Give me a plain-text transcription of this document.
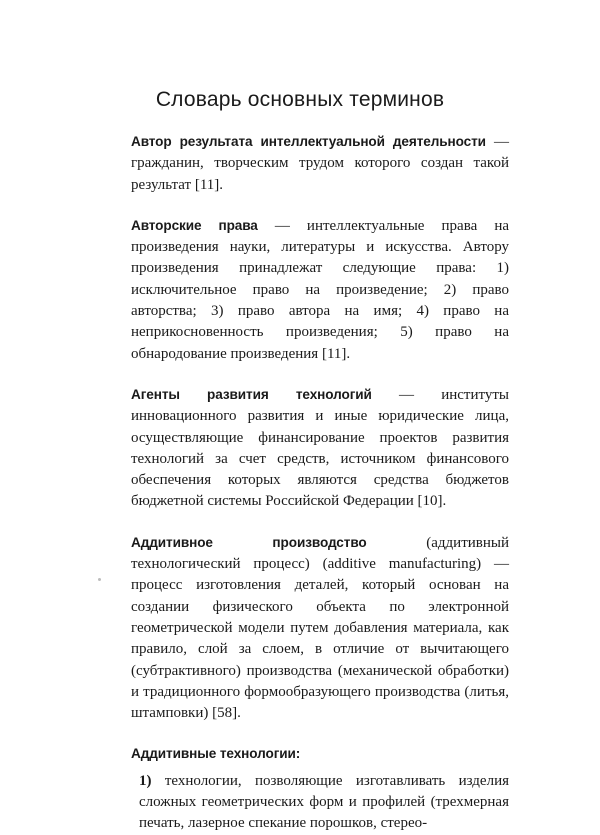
Словарь основных терминов

Автор результата интеллектуальной деятельности — гражданин, творческим трудом которого создан такой результат [11].

Авторские права — интеллектуальные права на произведения науки, литературы и искусства. Автору произведения принадлежат следующие права: 1) исключительное право на произведение; 2) право авторства; 3) право автора на имя; 4) право на неприкосновенность произведения; 5) право на обнародование произведения [11].

Агенты развития технологий — институты инновационного развития и иные юридические лица, осуществляющие финансирование проектов развития технологий за счет средств, источником финансового обеспечения которых являются средства бюджетов бюджетной системы Российской Федерации [10].

Аддитивное производство (аддитивный технологический процесс) (additive manufacturing) — процесс изготовления деталей, который основан на создании физического объекта по электронной геометрической модели путем добавления материала, как правило, слой за слоем, в отличие от вычитающего (субтрактивного) производства (механической обработки) и традиционного формообразующего производства (литья, штамповки) [58].

Аддитивные технологии:

1) технологии, позволяющие изготавливать изделия сложных геометрических форм и профилей (трехмерная печать, лазерное спекание порошков, стерео-
